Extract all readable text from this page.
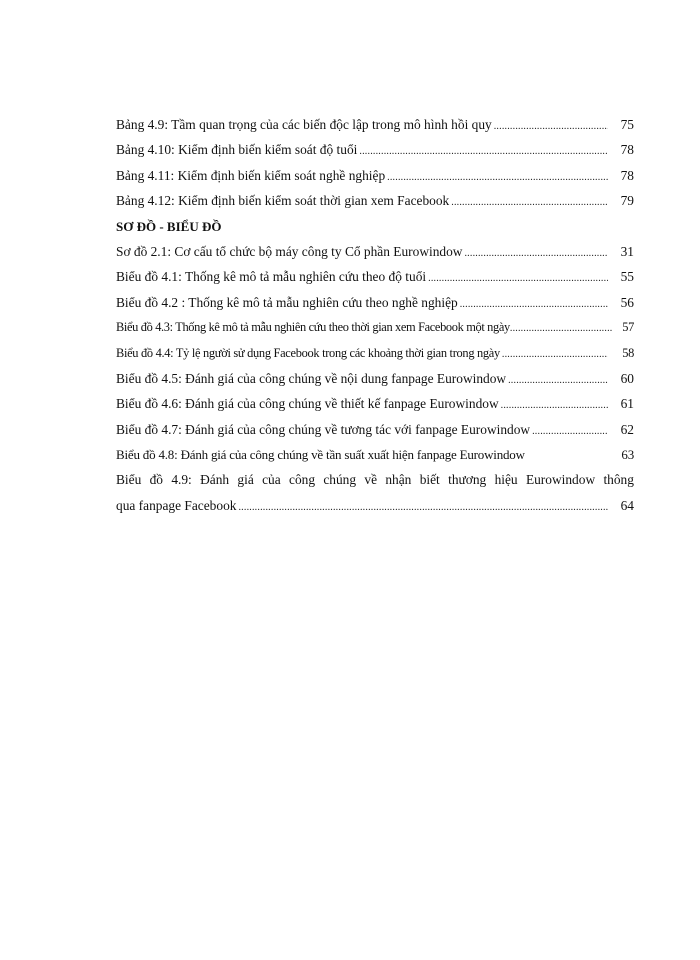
Bảng 4.9: Tầm quan trọng của các biến độc lập trong mô hình hồi quy .....	75
Bảng 4.10: Kiểm định biến kiểm soát độ tuổi .....	78
Bảng 4.11: Kiểm định biến kiểm soát nghề nghiệp .....	78
Bảng 4.12: Kiểm định biến kiểm soát thời gian xem Facebook .....	79
SƠ ĐỒ - BIỂU ĐỒ
Sơ đồ 2.1: Cơ cấu tổ chức bộ máy công ty Cổ phần Eurowindow .....	31
Biểu đồ 4.1: Thống kê mô tả mẫu nghiên cứu theo độ tuổi .....	55
Biểu đồ 4.2 : Thống kê mô tả mẫu nghiên cứu theo nghề nghiệp .....	56
Biểu đồ 4.3: Thống kê mô tả mẫu nghiên cứu theo thời gian xem Facebook một ngày .....	57
Biểu đồ 4.4: Tỷ lệ người sử dụng Facebook trong các khoảng thời gian trong ngày .....	58
Biểu đồ 4.5: Đánh giá của công chúng về nội dung fanpage Eurowindow .....	60
Biểu đồ 4.6: Đánh giá của công chúng về thiết kế fanpage Eurowindow .....	61
Biểu đồ 4.7: Đánh giá của công chúng về tương tác với fanpage Eurowindow .....	62
Biểu đồ 4.8: Đánh giá của công chúng về tần suất xuất hiện fanpage Eurowindow	63
Biểu đồ 4.9: Đánh giá của công chúng về nhận biết thương hiệu Eurowindow thông
qua fanpage Facebook .....	64
